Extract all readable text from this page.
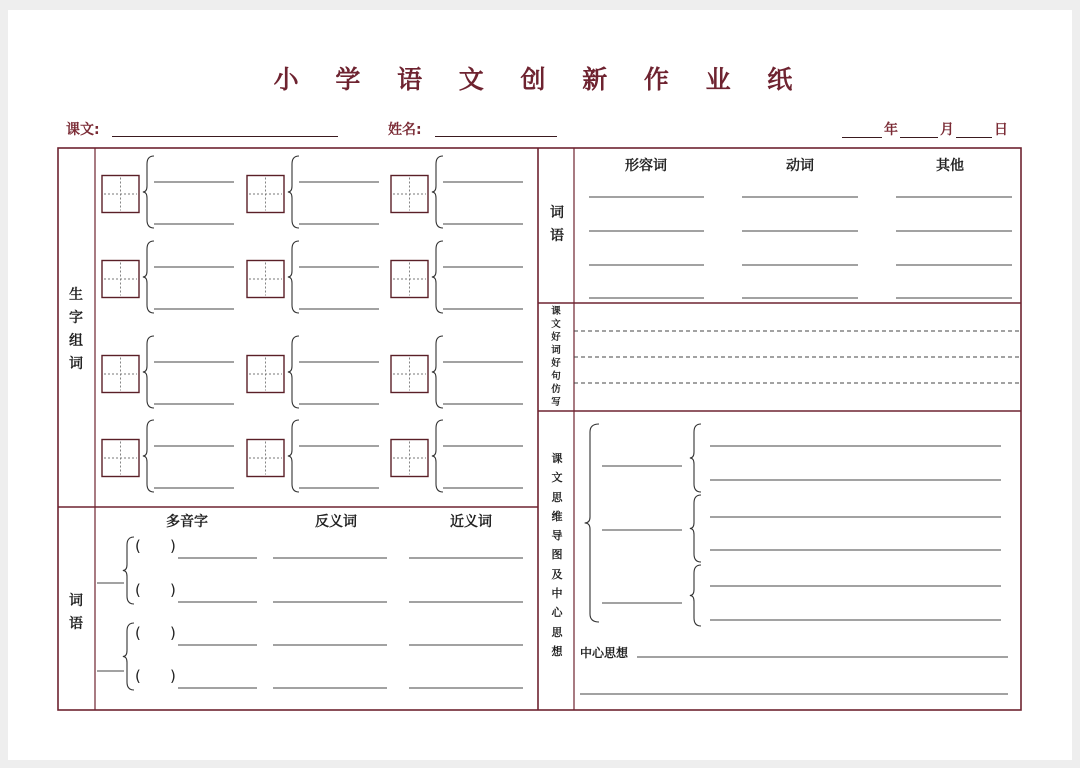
小 学 语 文 创 新 作 业 纸
课文:	姓名:	年	月	日
生
字
组
词
词
语
多音字	反义词	近义词
( )
( )
( )
( )
词
语
形容词	动词	其他
课
文
好
词
好
句
仿
写
课
文
思
维
导
图
及
中
心
思
想	中心思想
